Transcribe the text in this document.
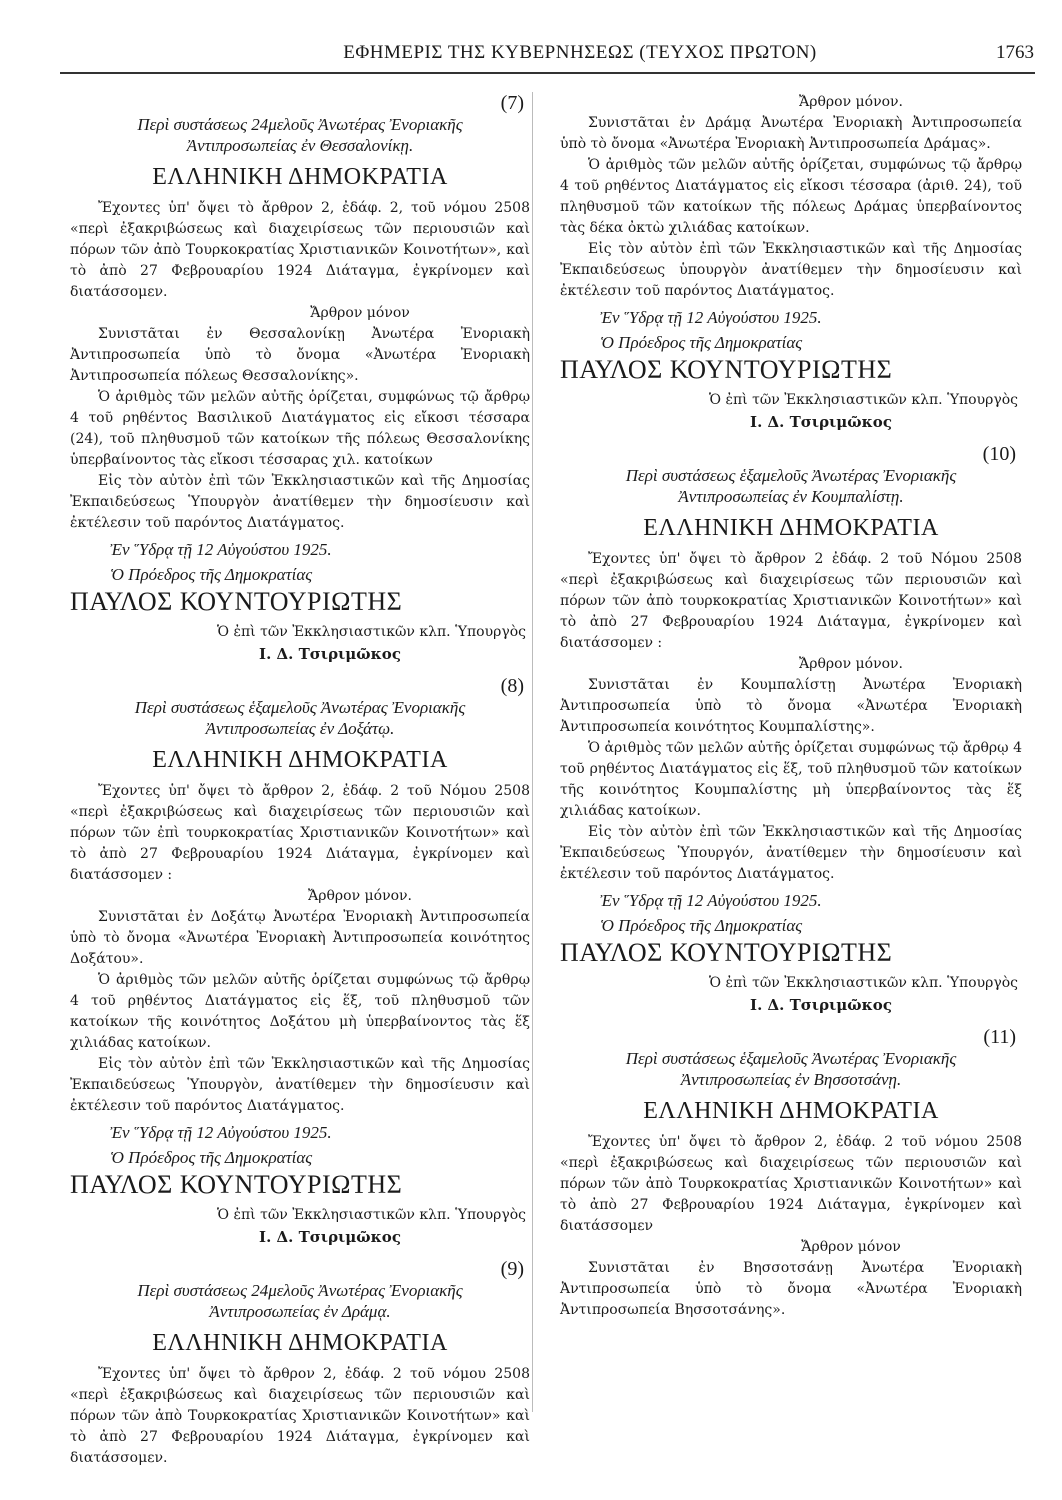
ΕΦΗΜΕΡΙΣ ΤΗΣ ΚΥΒΕΡΝΗΣΕΩΣ (ΤΕΥΧΟΣ ΠΡΩΤΟΝ)	1763
(7)
Περὶ συστάσεως 24μελοῦς Ἀνωτέρας Ἐνοριακῆς
Ἀντιπροσωπείας ἐν Θεσσαλονίκῃ.
ΕΛΛΗΝΙΚΗ ΔΗΜΟΚΡΑΤΙΑ

Ἔχοντες ὑπ' ὄψει τὸ ἄρθρον 2, ἐδάφ. 2, τοῦ νόμου 2508 «περὶ ἐξακριβώσεως καὶ διαχειρίσεως τῶν περιουσιῶν καὶ πόρων τῶν ἀπὸ Τουρκοκρατίας Χριστιανικῶν Κοινοτήτων», καὶ τὸ ἀπὸ 27 Φεβρουαρίου 1924 Διάταγμα, ἐγκρίνομεν καὶ διατάσσομεν.

Ἄρθρον μόνον

Συνιστᾶται ἐν Θεσσαλονίκῃ Ἀνωτέρα Ἐνοριακὴ Ἀντιπροσωπεία ὑπὸ τὸ ὄνομα «Ἀνωτέρα Ἐνοριακὴ Ἀντιπροσωπεία πόλεως Θεσσαλονίκης».

Ὁ ἀριθμὸς τῶν μελῶν αὐτῆς ὁρίζεται, συμφώνως τῷ ἄρθρῳ 4 τοῦ ρηθέντος Βασιλικοῦ Διατάγματος εἰς εἴκοσι τέσσαρα (24), τοῦ πληθυσμοῦ τῶν κατοίκων τῆς πόλεως Θεσσαλονίκης ὑπερβαίνοντος τὰς εἴκοσι τέσσαρας χιλ. κατοίκων

Εἰς τὸν αὐτὸν ἐπὶ τῶν Ἐκκλησιαστικῶν καὶ τῆς Δημοσίας Ἐκπαιδεύσεως Ὑπουργὸν ἀνατίθεμεν τὴν δημοσίευσιν καὶ ἐκτέλεσιν τοῦ παρόντος Διατάγματος.

Ἐν Ὕδρᾳ τῇ 12 Αὐγούστου 1925.
Ὁ Πρόεδρος τῆς Δημοκρατίας
ΠΑΥΛΟΣ ΚΟΥΝΤΟΥΡΙΩΤΗΣ
Ὁ ἐπὶ τῶν Ἐκκλησιαστικῶν κλπ. Ὑπουργὸς
Ι. Δ. Τσιριμῶκος
(8)
Περὶ συστάσεως ἑξαμελοῦς Ἀνωτέρας Ἐνοριακῆς
Ἀντιπροσωπείας ἐν Δοξάτῳ.
ΕΛΛΗΝΙΚΗ ΔΗΜΟΚΡΑΤΙΑ

Ἔχοντες ὑπ' ὄψει τὸ ἄρθρον 2, ἐδάφ. 2 τοῦ Νόμου 2508 «περὶ ἐξακριβώσεως καὶ διαχειρίσεως τῶν περιουσιῶν καὶ πόρων τῶν ἐπὶ τουρκοκρατίας Χριστιανικῶν Κοινοτήτων» καὶ τὸ ἀπὸ 27 Φεβρουαρίου 1924 Διάταγμα, ἐγκρίνομεν καὶ διατάσσομεν :

Ἄρθρον μόνον.

Συνιστᾶται ἐν Δοξάτῳ Ἀνωτέρα Ἐνοριακὴ Ἀντιπροσωπεία ὑπὸ τὸ ὄνομα «Ἀνωτέρα Ἐνοριακὴ Ἀντιπροσωπεία κοινότητος Δοξάτου».

Ὁ ἀριθμὸς τῶν μελῶν αὐτῆς ὁρίζεται συμφώνως τῷ ἄρθρῳ 4 τοῦ ρηθέντος Διατάγματος εἰς ἕξ, τοῦ πληθυσμοῦ τῶν κατοίκων τῆς κοινότητος Δοξάτου μὴ ὑπερβαίνοντος τὰς ἕξ χιλιάδας κατοίκων.

Εἰς τὸν αὐτὸν ἐπὶ τῶν Ἐκκλησιαστικῶν καὶ τῆς Δημοσίας Ἐκπαιδεύσεως Ὑπουργὸν, ἀνατίθεμεν τὴν δημοσίευσιν καὶ ἐκτέλεσιν τοῦ παρόντος Διατάγματος.

Ἐν Ὕδρᾳ τῇ 12 Αὐγούστου 1925.
Ὁ Πρόεδρος τῆς Δημοκρατίας
ΠΑΥΛΟΣ ΚΟΥΝΤΟΥΡΙΩΤΗΣ
Ὁ ἐπὶ τῶν Ἐκκλησιαστικῶν κλπ. Ὑπουργὸς
Ι. Δ. Τσιριμῶκος
(9)
Περὶ συστάσεως 24μελοῦς Ἀνωτέρας Ἐνοριακῆς
Ἀντιπροσωπείας ἐν Δράμᾳ.
ΕΛΛΗΝΙΚΗ ΔΗΜΟΚΡΑΤΙΑ

Ἔχοντες ὑπ' ὄψει τὸ ἄρθρον 2, ἐδάφ. 2 τοῦ νόμου 2508 «περὶ ἐξακριβώσεως καὶ διαχειρίσεως τῶν περιουσιῶν καὶ πόρων τῶν ἀπὸ Τουρκοκρατίας Χριστιανικῶν Κοινοτήτων» καὶ τὸ ἀπὸ 27 Φεβρουαρίου 1924 Διάταγμα, ἐγκρίνομεν καὶ διατάσσομεν.

Ἄρθρον μόνον.

Συνιστᾶται ἐν Δράμᾳ Ἀνωτέρα Ἐνοριακὴ Ἀντιπροσωπεία ὑπὸ τὸ ὄνομα «Ἀνωτέρα Ἐνοριακὴ Ἀντιπροσωπεία Δράμας».

Ὁ ἀριθμὸς τῶν μελῶν αὐτῆς ὁρίζεται, συμφώνως τῷ ἄρθρῳ 4 τοῦ ρηθέντος Διατάγματος εἰς εἴκοσι τέσσαρα (ἀριθ. 24), τοῦ πληθυσμοῦ τῶν κατοίκων τῆς πόλεως Δράμας ὑπερβαίνοντος τὰς δέκα ὀκτὼ χιλιάδας κατοίκων.

Εἰς τὸν αὐτὸν ἐπὶ τῶν Ἐκκλησιαστικῶν καὶ τῆς Δημοσίας Ἐκπαιδεύσεως ὑπουργὸν ἀνατίθεμεν τὴν δημοσίευσιν καὶ ἐκτέλεσιν τοῦ παρόντος Διατάγματος.

Ἐν Ὕδρᾳ τῇ 12 Αὐγούστου 1925.
Ὁ Πρόεδρος τῆς Δημοκρατίας
ΠΑΥΛΟΣ ΚΟΥΝΤΟΥΡΙΩΤΗΣ
Ὁ ἐπὶ τῶν Ἐκκλησιαστικῶν κλπ. Ὑπουργὸς
Ι. Δ. Τσιριμῶκος
(10)
Περὶ συστάσεως ἑξαμελοῦς Ἀνωτέρας Ἐνοριακῆς
Ἀντιπροσωπείας ἐν Κουμπαλίστῃ.
ΕΛΛΗΝΙΚΗ ΔΗΜΟΚΡΑΤΙΑ

Ἔχοντες ὑπ' ὄψει τὸ ἄρθρον 2 ἐδάφ. 2 τοῦ Νόμου 2508 «περὶ ἐξακριβώσεως καὶ διαχειρίσεως τῶν περιουσιῶν καὶ πόρων τῶν ἀπὸ τουρκοκρατίας Χριστιανικῶν Κοινοτήτων» καὶ τὸ ἀπὸ 27 Φεβρουαρίου 1924 Διάταγμα, ἐγκρίνομεν καὶ διατάσσομεν :

Ἄρθρον μόνον.

Συνιστᾶται ἐν Κουμπαλίστῃ Ἀνωτέρα Ἐνοριακὴ Ἀντιπροσωπεία ὑπὸ τὸ ὄνομα «Ἀνωτέρα Ἐνοριακὴ Ἀντιπροσωπεία κοινότητος Κουμπαλίστης».

Ὁ ἀριθμὸς τῶν μελῶν αὐτῆς ὁρίζεται συμφώνως τῷ ἄρθρῳ 4 τοῦ ρηθέντος Διατάγματος εἰς ἕξ, τοῦ πληθυσμοῦ τῶν κατοίκων τῆς κοινότητος Κουμπαλίστης μὴ ὑπερβαίνοντος τὰς ἕξ χιλιάδας κατοίκων.

Εἰς τὸν αὐτὸν ἐπὶ τῶν Ἐκκλησιαστικῶν καὶ τῆς Δημοσίας Ἐκπαιδεύσεως Ὑπουργόν, ἀνατίθεμεν τὴν δημοσίευσιν καὶ ἐκτέλεσιν τοῦ παρόντος Διατάγματος.

Ἐν Ὕδρᾳ τῇ 12 Αὐγούστου 1925.
Ὁ Πρόεδρος τῆς Δημοκρατίας
ΠΑΥΛΟΣ ΚΟΥΝΤΟΥΡΙΩΤΗΣ
Ὁ ἐπὶ τῶν Ἐκκλησιαστικῶν κλπ. Ὑπουργὸς
Ι. Δ. Τσιριμῶκος
(11)
Περὶ συστάσεως ἑξαμελοῦς Ἀνωτέρας Ἐνοριακῆς
Ἀντιπροσωπείας ἐν Βησσοτσάνῃ.
ΕΛΛΗΝΙΚΗ ΔΗΜΟΚΡΑΤΙΑ

Ἔχοντες ὑπ' ὄψει τὸ ἄρθρον 2, ἐδάφ. 2 τοῦ νόμου 2508 «περὶ ἐξακριβώσεως καὶ διαχειρίσεως τῶν περιουσιῶν καὶ πόρων τῶν ἀπὸ Τουρκοκρατίας Χριστιανικῶν Κοινοτήτων» καὶ τὸ ἀπὸ 27 Φεβρουαρίου 1924 Διάταγμα, ἐγκρίνομεν καὶ διατάσσομεν

Ἄρθρον μόνον

Συνιστᾶται ἐν Βησσοτσάνῃ Ἀνωτέρα Ἐνοριακὴ Ἀντιπροσωπεία ὑπὸ τὸ ὄνομα «Ἀνωτέρα Ἐνοριακὴ Ἀντιπροσωπεία Βησσοτσάνης».
